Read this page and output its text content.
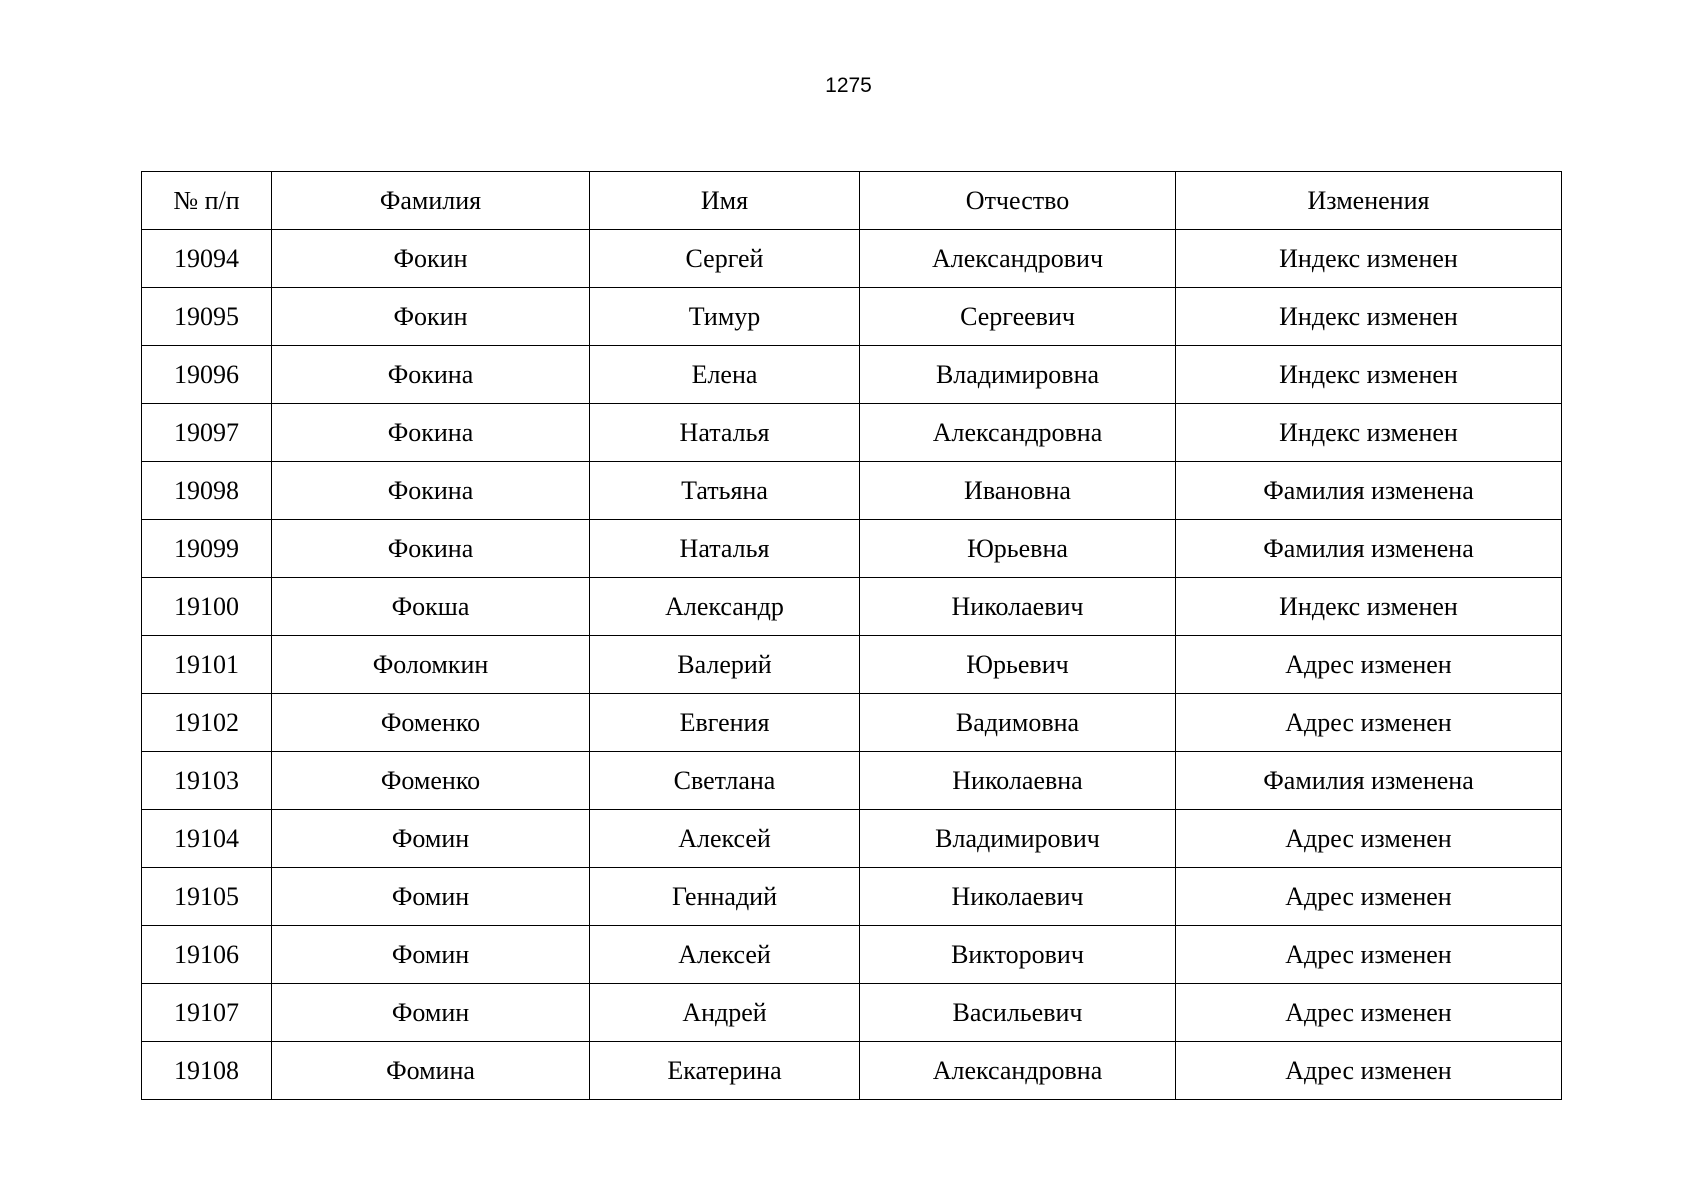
1275
№ п/п	Фамилия	Имя	Отчество	Изменения
19094	Фокин	Сергей	Александрович	Индекс изменен
19095	Фокин	Тимур	Сергеевич	Индекс изменен
19096	Фокина	Елена	Владимировна	Индекс изменен
19097	Фокина	Наталья	Александровна	Индекс изменен
19098	Фокина	Татьяна	Ивановна	Фамилия изменена
19099	Фокина	Наталья	Юрьевна	Фамилия изменена
19100	Фокша	Александр	Николаевич	Индекс изменен
19101	Фоломкин	Валерий	Юрьевич	Адрес изменен
19102	Фоменко	Евгения	Вадимовна	Адрес изменен
19103	Фоменко	Светлана	Николаевна	Фамилия изменена
19104	Фомин	Алексей	Владимирович	Адрес изменен
19105	Фомин	Геннадий	Николаевич	Адрес изменен
19106	Фомин	Алексей	Викторович	Адрес изменен
19107	Фомин	Андрей	Васильевич	Адрес изменен
19108	Фомина	Екатерина	Александровна	Адрес изменен
